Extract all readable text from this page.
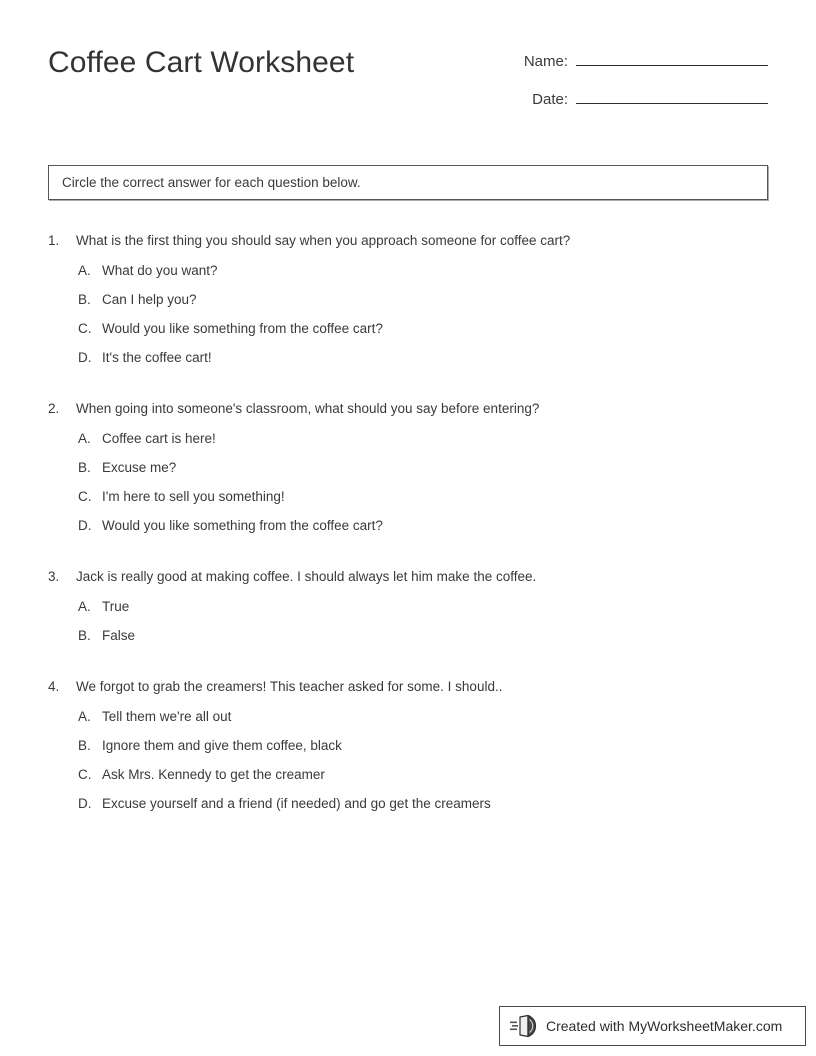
Coffee Cart Worksheet	Name:
Date:
Circle the correct answer for each question below.
1.	What is the first thing you should say when you approach someone for coffee cart?
A. What do you want?
B. Can I help you?
C. Would you like something from the coffee cart?
D. It's the coffee cart!
2.	When going into someone's classroom, what should you say before entering?
A. Coffee cart is here!
B. Excuse me?
C. I'm here to sell you something!
D. Would you like something from the coffee cart?
3.	Jack is really good at making coffee. I should always let him make the coffee.
A. True
B. False
4.	We forgot to grab the creamers! This teacher asked for some. I should..
A. Tell them we're all out
B. Ignore them and give them coffee, black
C. Ask Mrs. Kennedy to get the creamer
D. Excuse yourself and a friend (if needed) and go get the creamers
Created with MyWorksheetMaker.com
